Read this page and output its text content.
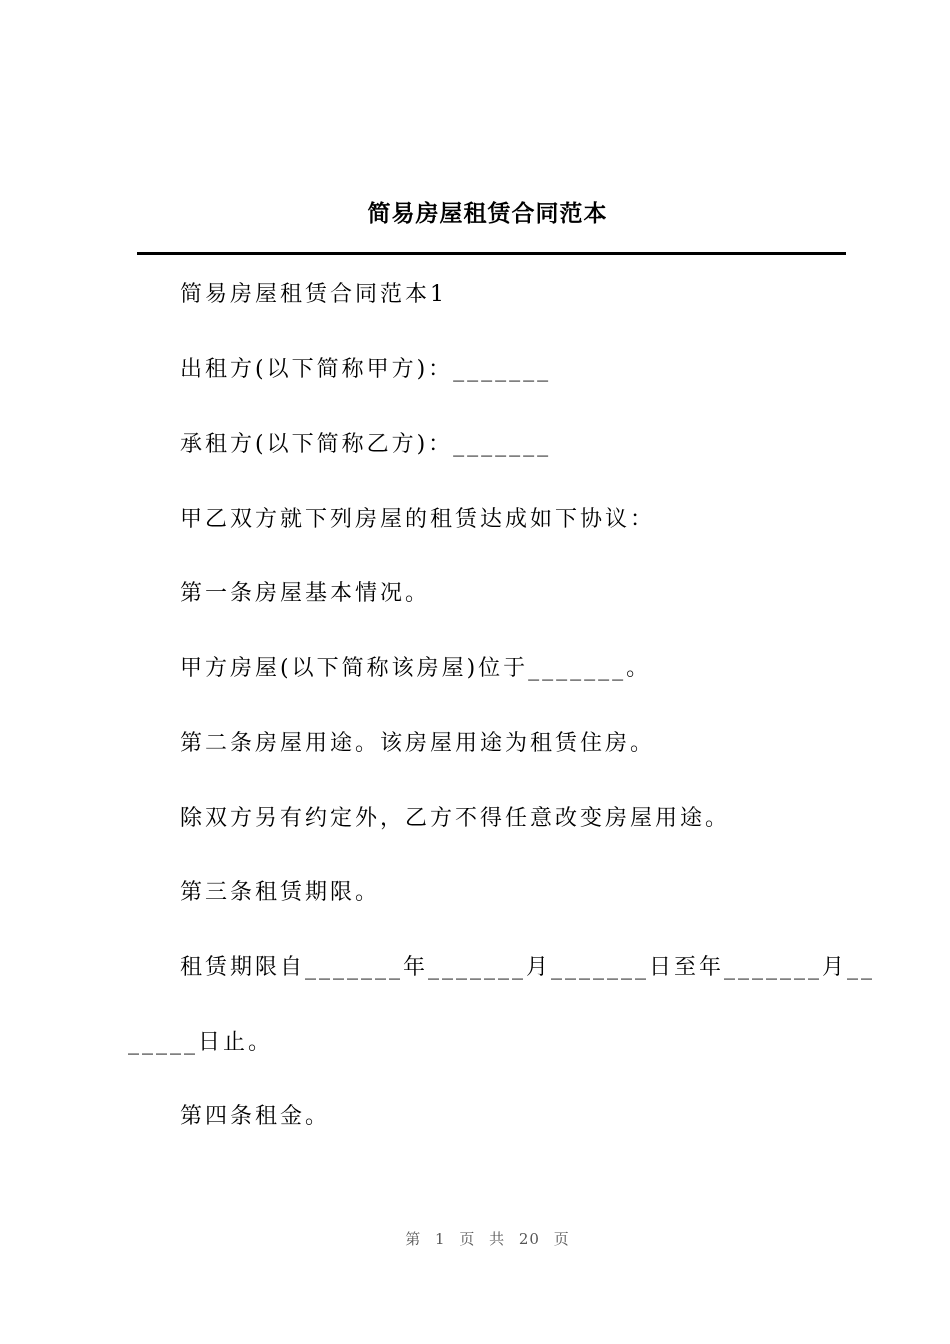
简易房屋租赁合同范本
简易房屋租赁合同范本1
出租方(以下简称甲方)：_______
承租方(以下简称乙方)：_______
甲乙双方就下列房屋的租赁达成如下协议：
第一条房屋基本情况。
甲方房屋(以下简称该房屋)位于_______。
第二条房屋用途。该房屋用途为租赁住房。
除双方另有约定外，乙方不得任意改变房屋用途。
第三条租赁期限。
租赁期限自_______年_______月_______日至年_______月__
_____日止。
第四条租金。
第 1 页 共 20 页
